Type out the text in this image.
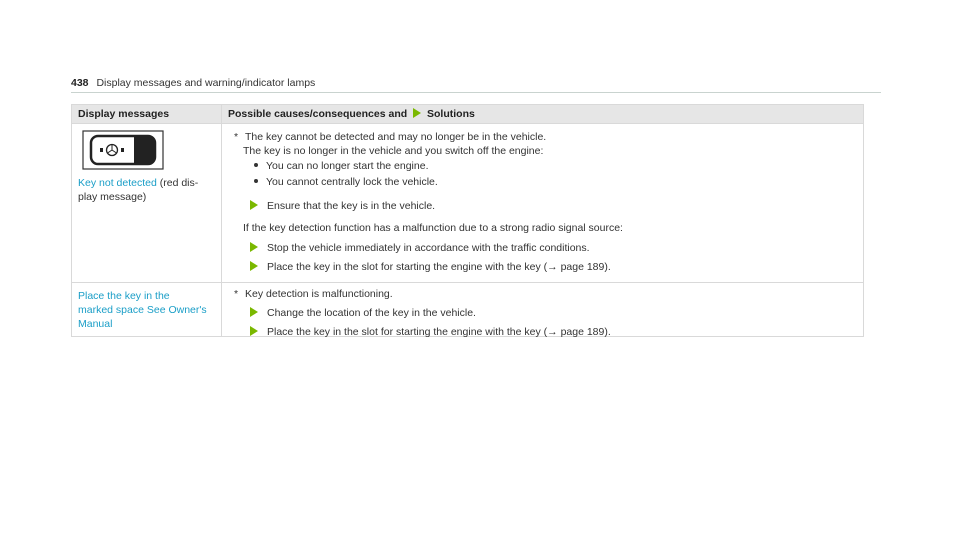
438 Display messages and warning/indicator lamps
Display messages	Possible causes/consequences and Solutions
Key not detected (red dis-
play message)
* The key cannot be detected and may no longer be in the vehicle.
The key is no longer in the vehicle and you switch off the engine:
You can no longer start the engine.
You cannot centrally lock the vehicle.
Ensure that the key is in the vehicle.
If the key detection function has a malfunction due to a strong radio signal source:
Stop the vehicle immediately in accordance with the traffic conditions.
Place the key in the slot for starting the engine with the key (→ page 189).
Place the key in the
marked space See Owner's
Manual
* Key detection is malfunctioning.
Change the location of the key in the vehicle.
Place the key in the slot for starting the engine with the key (→ page 189).
